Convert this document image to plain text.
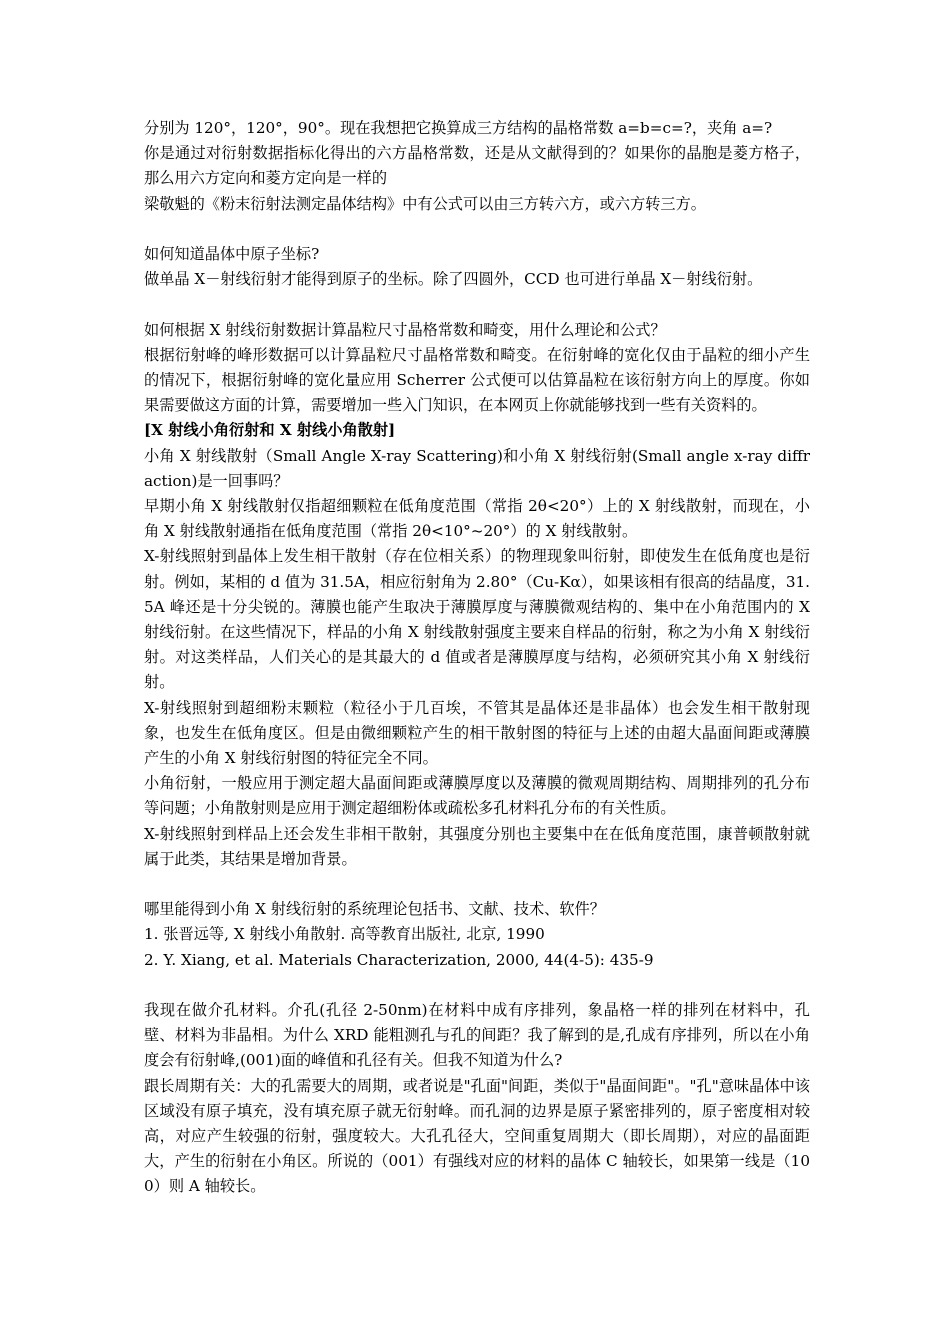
分别为 120°，120°，90°。现在我想把它换算成三方结构的晶格常数 a=b=c=?，夹角 a=?

你是通过对衍射数据指标化得出的六方晶格常数，还是从文献得到的？如果你的晶胞是菱方格子，那么用六方定向和菱方定向是一样的

梁敬魁的《粉末衍射法测定晶体结构》中有公式可以由三方转六方，或六方转三方。

如何知道晶体中原子坐标?

做单晶 X－射线衍射才能得到原子的坐标。除了四圆外，CCD 也可进行单晶 X－射线衍射。

如何根据 X 射线衍射数据计算晶粒尺寸晶格常数和畸变，用什么理论和公式？

根据衍射峰的峰形数据可以计算晶粒尺寸晶格常数和畸变。在衍射峰的宽化仅由于晶粒的细小产生的情况下，根据衍射峰的宽化量应用 Scherrer 公式便可以估算晶粒在该衍射方向上的厚度。你如果需要做这方面的计算，需要增加一些入门知识，在本网页上你就能够找到一些有关资料的。

[X 射线小角衍射和 X 射线小角散射]

小角 X 射线散射（Small Angle X-ray Scattering)和小角 X 射线衍射(Small angle x-ray diffraction)是一回事吗？

早期小角 X 射线散射仅指超细颗粒在低角度范围（常指 2θ<20°）上的 X 射线散射，而现在，小角 X 射线散射通指在低角度范围（常指 2θ<10°~20°）的 X 射线散射。

X-射线照射到晶体上发生相干散射（存在位相关系）的物理现象叫衍射，即使发生在低角度也是衍射。例如，某相的 d 值为 31.5A，相应衍射角为 2.80°（Cu-Kα），如果该相有很高的结晶度，31.5A 峰还是十分尖锐的。薄膜也能产生取决于薄膜厚度与薄膜微观结构的、集中在小角范围内的 X 射线衍射。在这些情况下，样品的小角 X 射线散射强度主要来自样品的衍射，称之为小角 X 射线衍射。对这类样品，人们关心的是其最大的 d 值或者是薄膜厚度与结构，必须研究其小角 X 射线衍射。

X-射线照射到超细粉末颗粒（粒径小于几百埃，不管其是晶体还是非晶体）也会发生相干散射现象，也发生在低角度区。但是由微细颗粒产生的相干散射图的特征与上述的由超大晶面间距或薄膜产生的小角 X 射线衍射图的特征完全不同。

小角衍射，一般应用于测定超大晶面间距或薄膜厚度以及薄膜的微观周期结构、周期排列的孔分布等问题；小角散射则是应用于测定超细粉体或疏松多孔材料孔分布的有关性质。

X-射线照射到样品上还会发生非相干散射，其强度分别也主要集中在在低角度范围，康普顿散射就属于此类，其结果是增加背景。

哪里能得到小角 X 射线衍射的系统理论包括书、文献、技术、软件？

1. 张晋远等, X 射线小角散射. 高等教育出版社, 北京, 1990

2. Y. Xiang, et al. Materials Characterization, 2000, 44(4-5): 435-9

我现在做介孔材料。介孔(孔径 2-50nm)在材料中成有序排列，象晶格一样的排列在材料中，孔壁、材料为非晶相。为什么 XRD 能粗测孔与孔的间距？我了解到的是,孔成有序排列，所以在小角度会有衍射峰,(001)面的峰值和孔径有关。但我不知道为什么?

跟长周期有关：大的孔需要大的周期，或者说是"孔面"间距，类似于"晶面间距"。"孔"意味晶体中该区域没有原子填充，没有填充原子就无衍射峰。而孔洞的边界是原子紧密排列的，原子密度相对较高，对应产生较强的衍射，强度较大。大孔孔径大，空间重复周期大（即长周期），对应的晶面距大，产生的衍射在小角区。所说的（001）有强线对应的材料的晶体 C 轴较长，如果第一线是（100）则 A 轴较长。
